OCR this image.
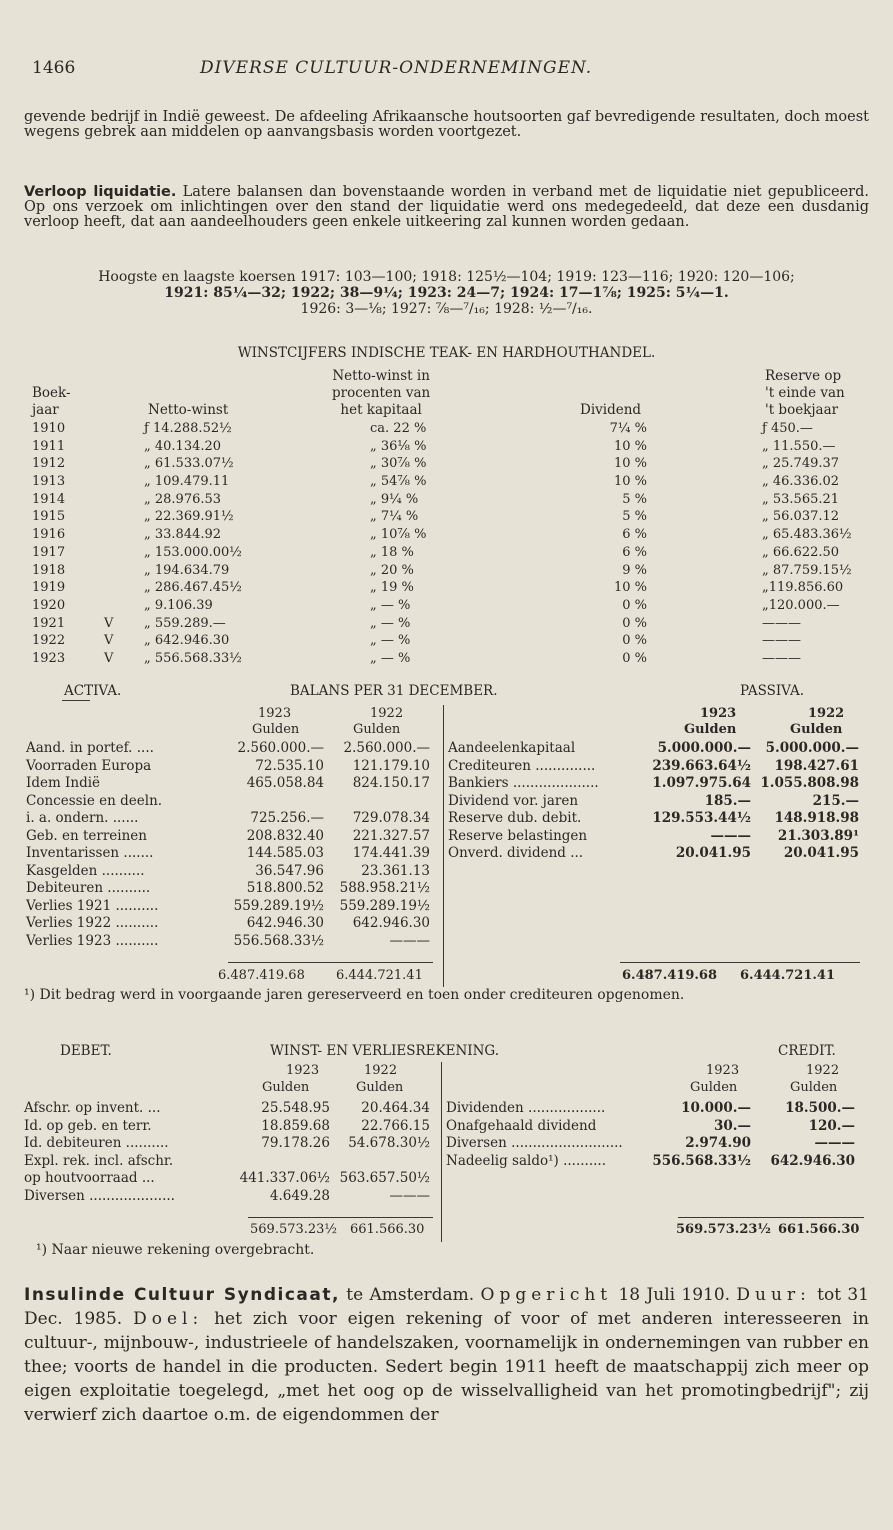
1466	DIVERSE CULTUUR-ONDERNEMINGEN.
gevende bedrijf in Indië geweest. De afdeeling Afrikaansche houtsoorten gaf bevredigende resultaten, doch moest wegens gebrek aan middelen op aanvangsbasis worden voortgezet.
Verloop liquidatie. Latere balansen dan bovenstaande worden in verband met de liquidatie niet gepubliceerd. Op ons verzoek om inlichtingen over den stand der liquidatie werd ons medegedeeld, dat deze een dusdanig verloop heeft, dat aan aandeelhouders geen enkele uitkeering zal kunnen worden gedaan.
Hoogste en laagste koersen 1917: 103—100; 1918: 125½—104; 1919: 123—116; 1920: 120—106;
1921: 85¼—32; 1922; 38—9¼; 1923: 24—7; 1924: 17—1⅞; 1925: 5¼—1.
1926: 3—⅛; 1927: ⅞—⁷/₁₆; 1928: ½—⁷/₁₆.
WINSTCIJFERS INDISCHE TEAK- EN HARDHOUTHANDEL.
Boek-
jaar	Netto-winst
Netto-winst in
procenten van
het kapitaal	Dividend
Reserve op
't einde van
't boekjaar
1910	ƒ 14.288.52½	ca. 22 %	7¼ %	ƒ 450.—
1911	„ 40.134.20	„ 36⅛ %	10 %	„ 11.550.—
1912	„ 61.533.07½	„ 30⅞ %	10 %	„ 25.749.37
1913	„ 109.479.11	„ 54⅞ %	10 %	„ 46.336.02
1914	„ 28.976.53	„ 9¼ %	5 %	„ 53.565.21
1915	„ 22.369.91½	„ 7¼ %	5 %	„ 56.037.12
1916	„ 33.844.92	„ 10⅞ %	6 %	„ 65.483.36½
1917	„ 153.000.00½	„ 18 %	6 %	„ 66.622.50
1918	„ 194.634.79	„ 20 %	9 %	„ 87.759.15½
1919	„ 286.467.45½	„ 19 %	10 %	„119.856.60
1920	„ 9.106.39	„ — %	0 %	„120.000.—
1921	V „ 559.289.—	„ — %	0 %	———
1922	V „ 642.946.30	„ — %	0 %	———
1923	V „ 556.568.33½	„ — %	0 %	———
ACTIVA.	BALANS PER 31 DECEMBER.	PASSIVA.
1923	1922
Gulden	Gulden
1923	1922
Gulden	Gulden
Aand. in portef. ....	2.560.000.— 2.560.000.—
Voorraden Europa	72.535.10 121.179.10
Idem Indië	465.058.84 824.150.17
Concessie en deeln.
i. a. ondern. ......	725.256.— 729.078.34
Geb. en terreinen	208.832.40 221.327.57
Inventarissen .......	144.585.03 174.441.39
Kasgelden ..........	36.547.96	23.361.13
Debiteuren ..........	518.800.52 588.958.21½
Verlies 1921 ..........	559.289.19½ 559.289.19½
Verlies 1922 ..........	642.946.30 642.946.30
Verlies 1923 ..........	556.568.33½	———
Aandeelenkapitaal	5.000.000.— 5.000.000.—
Crediteuren ..............	239.663.64½ 198.427.61
Bankiers ....................	1.097.975.64 1.055.808.98
Dividend vor. jaren	185.—	215.—
Reserve dub. debit.	129.553.44½ 148.918.98
Reserve belastingen	——— 21.303.89¹
Onverd. dividend ...	20.041.95 20.041.95
6.487.419.68 6.444.721.41	6.487.419.68 6.444.721.41
¹) Dit bedrag werd in voorgaande jaren gereserveerd en toen onder crediteuren opgenomen.
DEBET.	WINST- EN VERLIESREKENING.	CREDIT.
1923	1922
Gulden	Gulden
1923	1922
Gulden	Gulden
Afschr. op invent. ...	25.548.95 20.464.34
Id. op geb. en terr.	18.859.68 22.766.15
Id. debiteuren ..........	79.178.26 54.678.30½
Expl. rek. incl. afschr.
op houtvoorraad ...	441.337.06½ 563.657.50½
Diversen ....................	4.649.28	———
Dividenden ..................	10.000.—	18.500.—
Onafgehaald dividend	30.—	120.—
Diversen ..........................	2.974.90	———
Nadeelig saldo¹) ..........	556.568.33½ 642.946.30
569.573.23½ 661.566.30	569.573.23½ 661.566.30
¹) Naar nieuwe rekening overgebracht.
Insulinde Cultuur Syndicaat, te Amsterdam. Opgericht 18 Juli 1910. Duur: tot 31 Dec. 1985. Doel: het zich voor eigen rekening of voor of met anderen interesseeren in cultuur-, mijnbouw-, industrieele of handelszaken, voornamelijk in ondernemingen van rubber en thee; voorts de handel in die producten. Sedert begin 1911 heeft de maatschappij zich meer op eigen exploitatie toegelegd, „met het oog op de wisselvalligheid van het promotingbedrijf"; zij verwierf zich daartoe o.m. de eigendommen der
